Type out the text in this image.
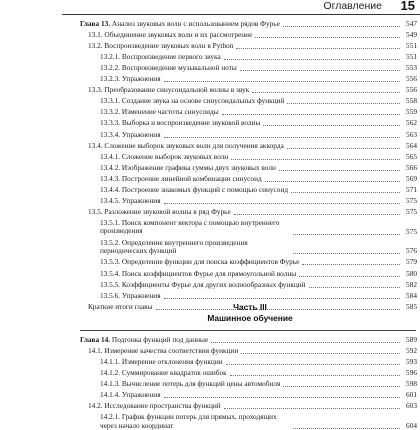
Оглавление 15
Глава 13. Анализ звуковых волн с использованием рядов Фурье	547
13.1. Объединение звуковых волн и их рассмотрение	549
13.2. Воспроизведение звуковых волн в Python	551
13.2.1. Воспроизведение первого звука	551
13.2.2. Воспроизведение музыкальной ноты	553
13.2.3. Упражнения	556
13.3. Преобразование синусоидальной волны в звук	556
13.3.1. Создание звука на основе синусоидальных функций	558
13.3.2. Изменение частоты синусоиды	559
13.3.3. Выборка и воспроизведение звуковой волны	562
13.3.4. Упражнения	563
13.4. Сложение выборок звуковых волн для получения аккорда	564
13.4.1. Сложение выборок звуковых волн	565
13.4.2. Изображение графика суммы двух звуковых волн	566
13.4.3. Построение линейной комбинации синусоид	569
13.4.4. Построение знакомых функций с помощью синусоид	571
13.4.5. Упражнения	575
13.5. Разложение звуковой волны в ряд Фурье	575
13.5.1. Поиск компонент вектора с помощью внутреннего произведения	575
13.5.2. Определение внутреннего произведения периодических функций	576
13.5.3. Определение функции для поиска коэффициентов Фурье	579
13.5.4. Поиск коэффициентов Фурье для прямоугольной волны	580
13.5.5. Коэффициенты Фурье для других волнообразных функций	582
13.5.6. Упражнения	584
Краткие итоги главы	585
Часть III
Машинное обучение
Глава 14. Подгонка функций под данные	589
14.1. Измерение качества соответствия функции	592
14.1.1. Измерение отклонения функции	593
14.1.2. Суммирование квадратов ошибок	596
14.1.3. Вычисление потерь для функций цены автомобиля	598
14.1.4. Упражнения	601
14.2. Исследование пространства функций	603
14.2.1. График функции потерь для прямых, проходящих через начало координат	604
